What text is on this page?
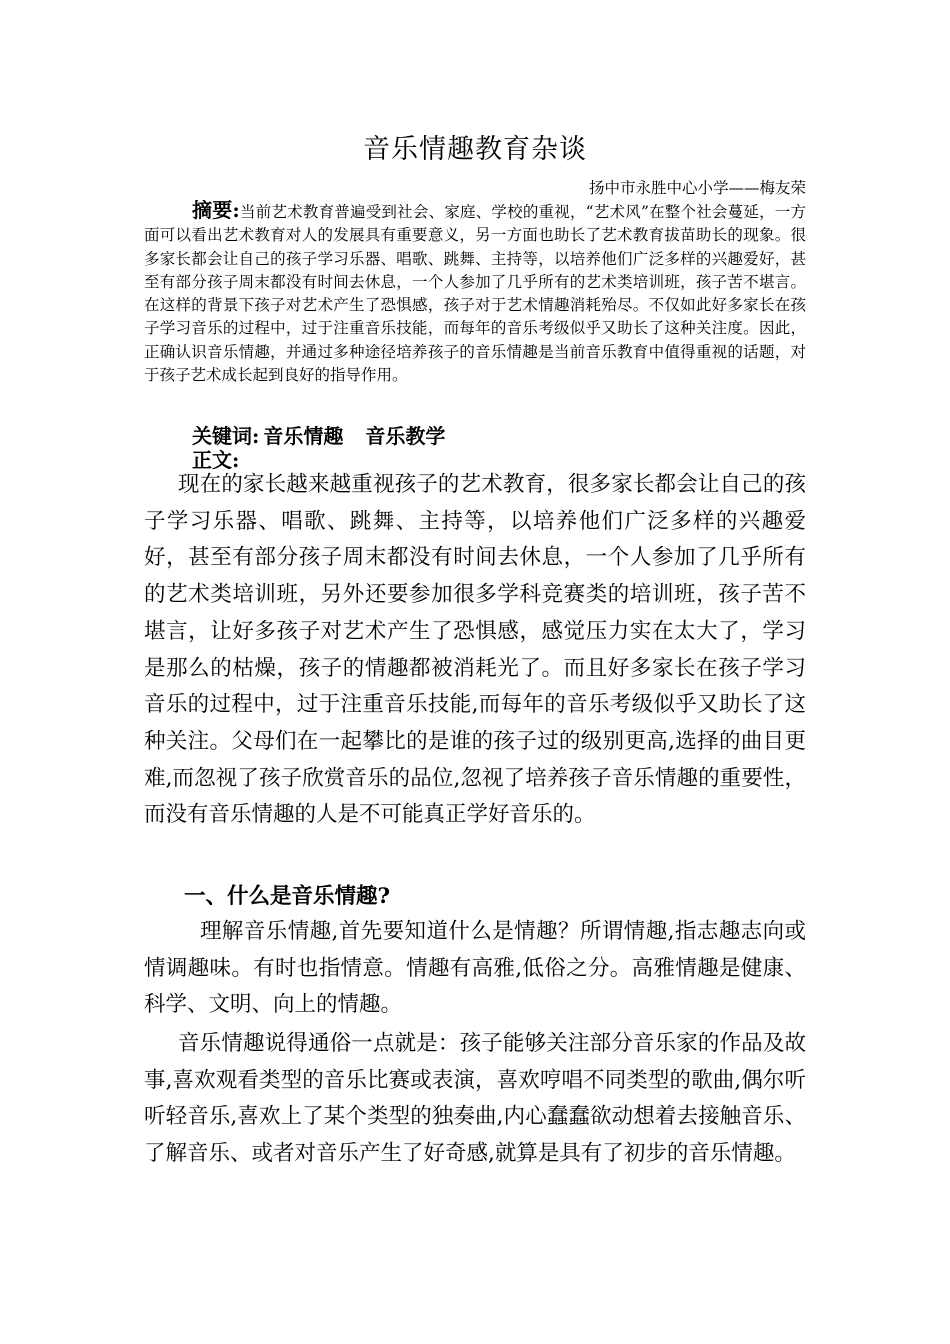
音乐情趣教育杂谈
扬中市永胜中心小学——梅友荣

摘要:当前艺术教育普遍受到社会、家庭、学校的重视，“艺术风”在整个社会蔓延，一方面可以看出艺术教育对人的发展具有重要意义，另一方面也助长了艺术教育拔苗助长的现象。很多家长都会让自己的孩子学习乐器、唱歌、跳舞、主持等，以培养他们广泛多样的兴趣爱好，甚至有部分孩子周末都没有时间去休息，一个人参加了几乎所有的艺术类培训班，孩子苦不堪言。在这样的背景下孩子对艺术产生了恐惧感，孩子对于艺术情趣消耗殆尽。不仅如此好多家长在孩子学习音乐的过程中，过于注重音乐技能，而每年的音乐考级似乎又助长了这种关注度。因此，正确认识音乐情趣，并通过多种途径培养孩子的音乐情趣是当前音乐教育中值得重视的话题，对于孩子艺术成长起到良好的指导作用。

关键词: 音乐情趣 音乐教学
正文:

现在的家长越来越重视孩子的艺术教育，很多家长都会让自己的孩子学习乐器、唱歌、跳舞、主持等，以培养他们广泛多样的兴趣爱好，甚至有部分孩子周末都没有时间去休息，一个人参加了几乎所有的艺术类培训班，另外还要参加很多学科竞赛类的培训班，孩子苦不堪言，让好多孩子对艺术产生了恐惧感，感觉压力实在太大了，学习是那么的枯燥，孩子的情趣都被消耗光了。而且好多家长在孩子学习音乐的过程中，过于注重音乐技能,而每年的音乐考级似乎又助长了这种关注。父母们在一起攀比的是谁的孩子过的级别更高,选择的曲目更难,而忽视了孩子欣赏音乐的品位,忽视了培养孩子音乐情趣的重要性，而没有音乐情趣的人是不可能真正学好音乐的。

一、什么是音乐情趣?

理解音乐情趣,首先要知道什么是情趣？所谓情趣,指志趣志向或情调趣味。有时也指情意。情趣有高雅,低俗之分。高雅情趣是健康、科学、文明、向上的情趣。

音乐情趣说得通俗一点就是：孩子能够关注部分音乐家的作品及故事,喜欢观看类型的音乐比赛或表演，喜欢哼唱不同类型的歌曲,偶尔听听轻音乐,喜欢上了某个类型的独奏曲,内心蠢蠢欲动想着去接触音乐、了解音乐、或者对音乐产生了好奇感,就算是具有了初步的音乐情趣。
